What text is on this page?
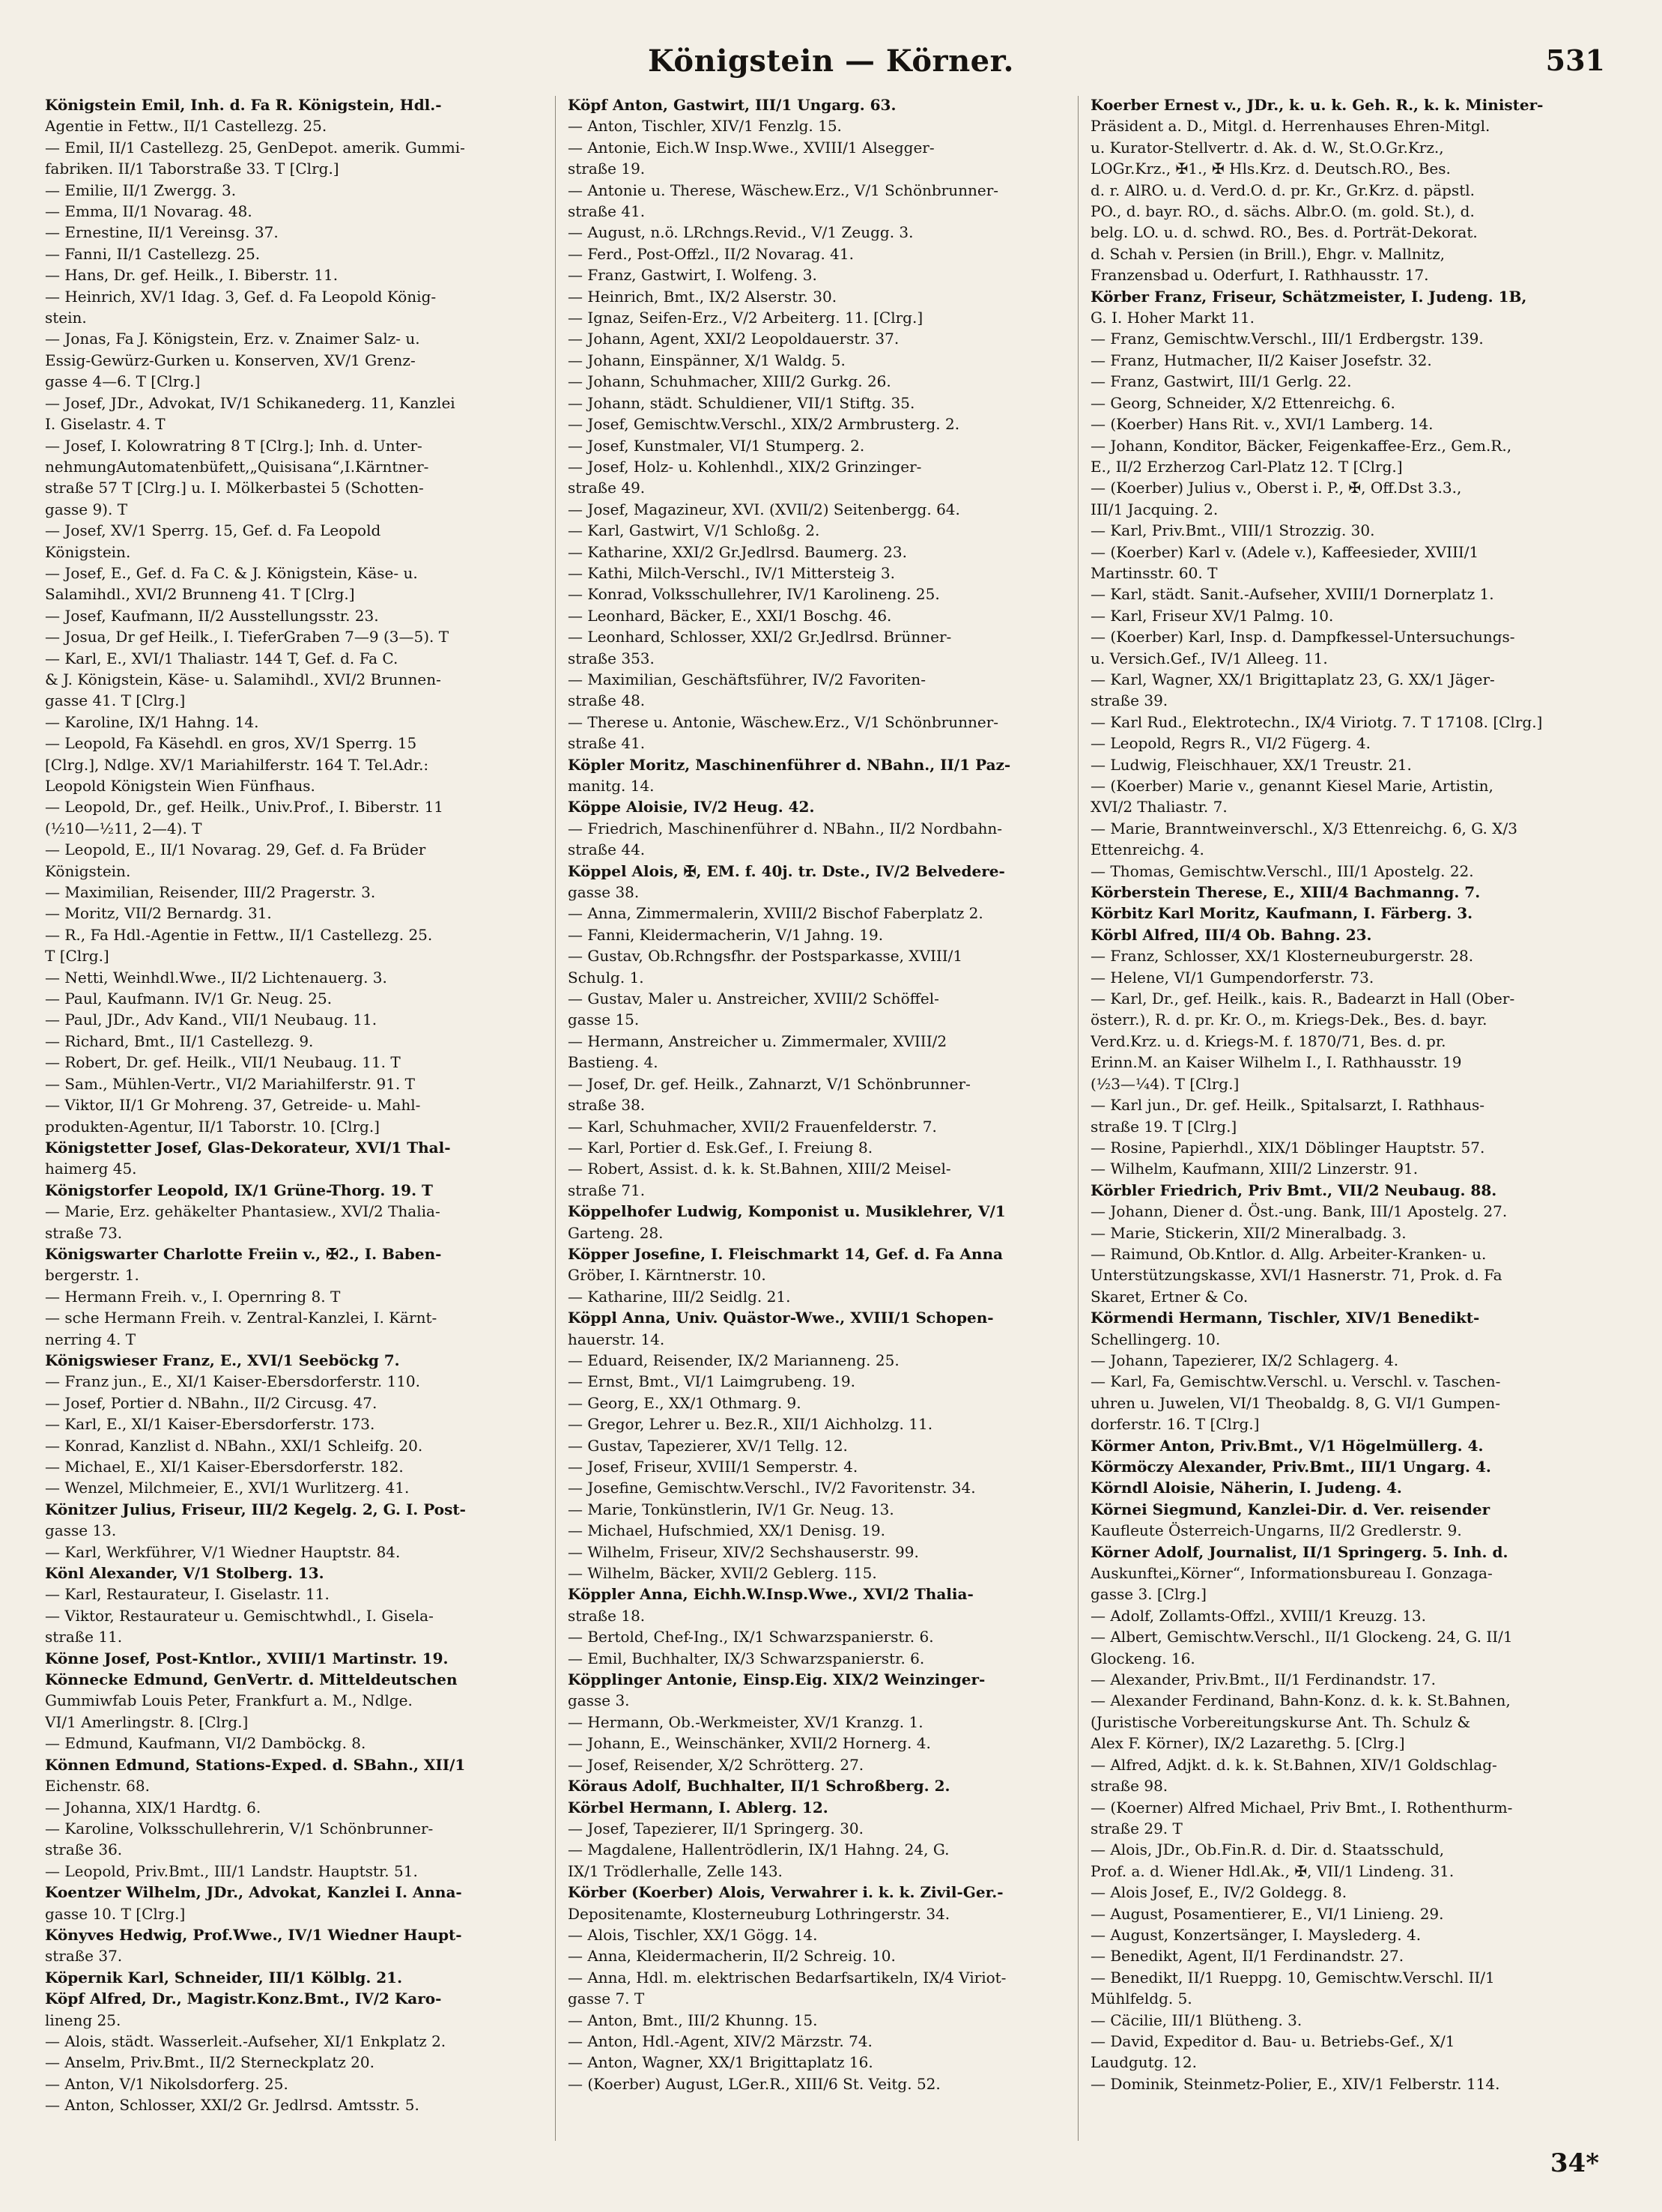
Königstein — Körner.	531
Königstein Emil, Inh. d. Fa R. Königstein, Hdl.-
Agentie in Fettw., II/1 Castellezg. 25.
— Emil, II/1 Castellezg. 25, GenDepot. amerik. Gummi-
fabriken. II/1 Taborstraße 33. T [Clrg.]
— Emilie, II/1 Zwergg. 3.
— Emma, II/1 Novarag. 48.
— Ernestine, II/1 Vereinsg. 37.
— Fanni, II/1 Castellezg. 25.
— Hans, Dr. gef. Heilk., I. Biberstr. 11.
— Heinrich, XV/1 Idag. 3, Gef. d. Fa Leopold König-
stein.
— Jonas, Fa J. Königstein, Erz. v. Znaimer Salz- u.
Essig-Gewürz-Gurken u. Konserven, XV/1 Grenz-
gasse 4—6. T [Clrg.]
— Josef, JDr., Advokat, IV/1 Schikanederg. 11, Kanzlei
I. Giselastr. 4. T
— Josef, I. Kolowratring 8 T [Clrg.]; Inh. d. Unter-
nehmungAutomatenbüfett,„Quisisana“,I.Kärntner-
straße 57 T [Clrg.] u. I. Mölkerbastei 5 (Schotten-
gasse 9). T
— Josef, XV/1 Sperrg. 15, Gef. d. Fa Leopold
Königstein.
— Josef, E., Gef. d. Fa C. & J. Königstein, Käse- u.
Salamihdl., XVI/2 Brunneng 41. T [Clrg.]
— Josef, Kaufmann, II/2 Ausstellungsstr. 23.
— Josua, Dr gef Heilk., I. TieferGraben 7—9 (3—5). T
— Karl, E., XVI/1 Thaliastr. 144 T, Gef. d. Fa C.
& J. Königstein, Käse- u. Salamihdl., XVI/2 Brunnen-
gasse 41. T [Clrg.]
— Karoline, IX/1 Hahng. 14.
— Leopold, Fa Käsehdl. en gros, XV/1 Sperrg. 15
[Clrg.], Ndlge. XV/1 Mariahilferstr. 164 T. Tel.Adr.:
Leopold Königstein Wien Fünfhaus.
— Leopold, Dr., gef. Heilk., Univ.Prof., I. Biberstr. 11
(½10—½11, 2—4). T
— Leopold, E., II/1 Novarag. 29, Gef. d. Fa Brüder
Königstein.
— Maximilian, Reisender, III/2 Pragerstr. 3.
— Moritz, VII/2 Bernardg. 31.
— R., Fa Hdl.-Agentie in Fettw., II/1 Castellezg. 25.
T [Clrg.]
— Netti, Weinhdl.Wwe., II/2 Lichtenauerg. 3.
— Paul, Kaufmann. IV/1 Gr. Neug. 25.
— Paul, JDr., Adv Kand., VII/1 Neubaug. 11.
— Richard, Bmt., II/1 Castellezg. 9.
— Robert, Dr. gef. Heilk., VII/1 Neubaug. 11. T
— Sam., Mühlen-Vertr., VI/2 Mariahilferstr. 91. T
— Viktor, II/1 Gr Mohreng. 37, Getreide- u. Mahl-
produkten-Agentur, II/1 Taborstr. 10. [Clrg.]
Königstetter Josef, Glas-Dekorateur, XVI/1 Thal-
haimerg 45.
Königstorfer Leopold, IX/1 Grüne-Thorg. 19. T
— Marie, Erz. gehäkelter Phantasiew., XVI/2 Thalia-
straße 73.
Königswarter Charlotte Freiin v., ✠2., I. Baben-
bergerstr. 1.
— Hermann Freih. v., I. Opernring 8. T
— sche Hermann Freih. v. Zentral-Kanzlei, I. Kärnt-
nerring 4. T
Königswieser Franz, E., XVI/1 Seeböckg 7.
— Franz jun., E., XI/1 Kaiser-Ebersdorferstr. 110.
— Josef, Portier d. NBahn., II/2 Circusg. 47.
— Karl, E., XI/1 Kaiser-Ebersdorferstr. 173.
— Konrad, Kanzlist d. NBahn., XXI/1 Schleifg. 20.
— Michael, E., XI/1 Kaiser-Ebersdorferstr. 182.
— Wenzel, Milchmeier, E., XVI/1 Wurlitzerg. 41.
Könitzer Julius, Friseur, III/2 Kegelg. 2, G. I. Post-
gasse 13.
— Karl, Werkführer, V/1 Wiedner Hauptstr. 84.
Könl Alexander, V/1 Stolberg. 13.
— Karl, Restaurateur, I. Giselastr. 11.
— Viktor, Restaurateur u. Gemischtwhdl., I. Gisela-
straße 11.
Könne Josef, Post-Kntlor., XVIII/1 Martinstr. 19.
Könnecke Edmund, GenVertr. d. Mitteldeutschen
Gummiwfab Louis Peter, Frankfurt a. M., Ndlge.
VI/1 Amerlingstr. 8. [Clrg.]
— Edmund, Kaufmann, VI/2 Damböckg. 8.
Können Edmund, Stations-Exped. d. SBahn., XII/1
Eichenstr. 68.
— Johanna, XIX/1 Hardtg. 6.
— Karoline, Volksschullehrerin, V/1 Schönbrunner-
straße 36.
— Leopold, Priv.Bmt., III/1 Landstr. Hauptstr. 51.
Koentzer Wilhelm, JDr., Advokat, Kanzlei I. Anna-
gasse 10. T [Clrg.]
Könyves Hedwig, Prof.Wwe., IV/1 Wiedner Haupt-
straße 37.
Köpernik Karl, Schneider, III/1 Kölblg. 21.
Köpf Alfred, Dr., Magistr.Konz.Bmt., IV/2 Karo-
lineng 25.
— Alois, städt. Wasserleit.-Aufseher, XI/1 Enkplatz 2.
— Anselm, Priv.Bmt., II/2 Sterneckplatz 20.
— Anton, V/1 Nikolsdorferg. 25.
— Anton, Schlosser, XXI/2 Gr. Jedlrsd. Amtsstr. 5.
Köpf Anton, Gastwirt, III/1 Ungarg. 63.
— Anton, Tischler, XIV/1 Fenzlg. 15.
— Antonie, Eich.W Insp.Wwe., XVIII/1 Alsegger-
straße 19.
— Antonie u. Therese, Wäschew.Erz., V/1 Schönbrunner-
straße 41.
— August, n.ö. LRchngs.Revid., V/1 Zeugg. 3.
— Ferd., Post-Offzl., II/2 Novarag. 41.
— Franz, Gastwirt, I. Wolfeng. 3.
— Heinrich, Bmt., IX/2 Alserstr. 30.
— Ignaz, Seifen-Erz., V/2 Arbeiterg. 11. [Clrg.]
— Johann, Agent, XXI/2 Leopoldauerstr. 37.
— Johann, Einspänner, X/1 Waldg. 5.
— Johann, Schuhmacher, XIII/2 Gurkg. 26.
— Johann, städt. Schuldiener, VII/1 Stiftg. 35.
— Josef, Gemischtw.Verschl., XIX/2 Armbrusterg. 2.
— Josef, Kunstmaler, VI/1 Stumperg. 2.
— Josef, Holz- u. Kohlenhdl., XIX/2 Grinzinger-
straße 49.
— Josef, Magazineur, XVI. (XVII/2) Seitenbergg. 64.
— Karl, Gastwirt, V/1 Schloßg. 2.
— Katharine, XXI/2 Gr.Jedlrsd. Baumerg. 23.
— Kathi, Milch-Verschl., IV/1 Mittersteig 3.
— Konrad, Volksschullehrer, IV/1 Karolineng. 25.
— Leonhard, Bäcker, E., XXI/1 Boschg. 46.
— Leonhard, Schlosser, XXI/2 Gr.Jedlrsd. Brünner-
straße 353.
— Maximilian, Geschäftsführer, IV/2 Favoriten-
straße 48.
— Therese u. Antonie, Wäschew.Erz., V/1 Schönbrunner-
straße 41.
Köpler Moritz, Maschinenführer d. NBahn., II/1 Paz-
manitg. 14.
Köppe Aloisie, IV/2 Heug. 42.
— Friedrich, Maschinenführer d. NBahn., II/2 Nordbahn-
straße 44.
Köppel Alois, ✠, EM. f. 40j. tr. Dste., IV/2 Belvedere-
gasse 38.
— Anna, Zimmermalerin, XVIII/2 Bischof Faberplatz 2.
— Fanni, Kleidermacherin, V/1 Jahng. 19.
— Gustav, Ob.Rchngsfhr. der Postsparkasse, XVIII/1
Schulg. 1.
— Gustav, Maler u. Anstreicher, XVIII/2 Schöffel-
gasse 15.
— Hermann, Anstreicher u. Zimmermaler, XVIII/2
Bastieng. 4.
— Josef, Dr. gef. Heilk., Zahnarzt, V/1 Schönbrunner-
straße 38.
— Karl, Schuhmacher, XVII/2 Frauenfelderstr. 7.
— Karl, Portier d. Esk.Gef., I. Freiung 8.
— Robert, Assist. d. k. k. St.Bahnen, XIII/2 Meisel-
straße 71.
Köppelhofer Ludwig, Komponist u. Musiklehrer, V/1
Garteng. 28.
Köpper Josefine, I. Fleischmarkt 14, Gef. d. Fa Anna
Gröber, I. Kärntnerstr. 10.
— Katharine, III/2 Seidlg. 21.
Köppl Anna, Univ. Quästor-Wwe., XVIII/1 Schopen-
hauerstr. 14.
— Eduard, Reisender, IX/2 Marianneng. 25.
— Ernst, Bmt., VI/1 Laimgrubeng. 19.
— Georg, E., XX/1 Othmarg. 9.
— Gregor, Lehrer u. Bez.R., XII/1 Aichholzg. 11.
— Gustav, Tapezierer, XV/1 Tellg. 12.
— Josef, Friseur, XVIII/1 Semperstr. 4.
— Josefine, Gemischtw.Verschl., IV/2 Favoritenstr. 34.
— Marie, Tonkünstlerin, IV/1 Gr. Neug. 13.
— Michael, Hufschmied, XX/1 Denisg. 19.
— Wilhelm, Friseur, XIV/2 Sechshauserstr. 99.
— Wilhelm, Bäcker, XVII/2 Geblerg. 115.
Köppler Anna, Eichh.W.Insp.Wwe., XVI/2 Thalia-
straße 18.
— Bertold, Chef-Ing., IX/1 Schwarzspanierstr. 6.
— Emil, Buchhalter, IX/3 Schwarzspanierstr. 6.
Köpplinger Antonie, Einsp.Eig. XIX/2 Weinzinger-
gasse 3.
— Hermann, Ob.-Werkmeister, XV/1 Kranzg. 1.
— Johann, E., Weinschänker, XVII/2 Hornerg. 4.
— Josef, Reisender, X/2 Schrötterg. 27.
Köraus Adolf, Buchhalter, II/1 Schroßberg. 2.
Körbel Hermann, I. Ablerg. 12.
— Josef, Tapezierer, II/1 Springerg. 30.
— Magdalene, Hallentrödlerin, IX/1 Hahng. 24, G.
IX/1 Trödlerhalle, Zelle 143.
Körber (Koerber) Alois, Verwahrer i. k. k. Zivil-Ger.-
Depositenamte, Klosterneuburg Lothringerstr. 34.
— Alois, Tischler, XX/1 Gögg. 14.
— Anna, Kleidermacherin, II/2 Schreig. 10.
— Anna, Hdl. m. elektrischen Bedarfsartikeln, IX/4 Viriot-
gasse 7. T
— Anton, Bmt., III/2 Khunng. 15.
— Anton, Hdl.-Agent, XIV/2 Märzstr. 74.
— Anton, Wagner, XX/1 Brigittaplatz 16.
— (Koerber) August, LGer.R., XIII/6 St. Veitg. 52.
Koerber Ernest v., JDr., k. u. k. Geh. R., k. k. Minister-
Präsident a. D., Mitgl. d. Herrenhauses Ehren-Mitgl.
u. Kurator-Stellvertr. d. Ak. d. W., St.O.Gr.Krz.,
LOGr.Krz., ✠1., ✠ Hls.Krz. d. Deutsch.RO., Bes.
d. r. AlRO. u. d. Verd.O. d. pr. Kr., Gr.Krz. d. päpstl.
PO., d. bayr. RO., d. sächs. Albr.O. (m. gold. St.), d.
belg. LO. u. d. schwd. RO., Bes. d. Porträt-Dekorat.
d. Schah v. Persien (in Brill.), Ehgr. v. Mallnitz,
Franzensbad u. Oderfurt, I. Rathhausstr. 17.
Körber Franz, Friseur, Schätzmeister, I. Judeng. 1B,
G. I. Hoher Markt 11.
— Franz, Gemischtw.Verschl., III/1 Erdbergstr. 139.
— Franz, Hutmacher, II/2 Kaiser Josefstr. 32.
— Franz, Gastwirt, III/1 Gerlg. 22.
— Georg, Schneider, X/2 Ettenreichg. 6.
— (Koerber) Hans Rit. v., XVI/1 Lamberg. 14.
— Johann, Konditor, Bäcker, Feigenkaffee-Erz., Gem.R.,
E., II/2 Erzherzog Carl-Platz 12. T [Clrg.]
— (Koerber) Julius v., Oberst i. P., ✠, Off.Dst 3.3.,
III/1 Jacquing. 2.
— Karl, Priv.Bmt., VIII/1 Strozzig. 30.
— (Koerber) Karl v. (Adele v.), Kaffeesieder, XVIII/1
Martinsstr. 60. T
— Karl, städt. Sanit.-Aufseher, XVIII/1 Dornerplatz 1.
— Karl, Friseur XV/1 Palmg. 10.
— (Koerber) Karl, Insp. d. Dampfkessel-Untersuchungs-
u. Versich.Gef., IV/1 Alleeg. 11.
— Karl, Wagner, XX/1 Brigittaplatz 23, G. XX/1 Jäger-
straße 39.
— Karl Rud., Elektrotechn., IX/4 Viriotg. 7. T 17108. [Clrg.]
— Leopold, Regrs R., VI/2 Fügerg. 4.
— Ludwig, Fleischhauer, XX/1 Treustr. 21.
— (Koerber) Marie v., genannt Kiesel Marie, Artistin,
XVI/2 Thaliastr. 7.
— Marie, Branntweinverschl., X/3 Ettenreichg. 6, G. X/3
Ettenreichg. 4.
— Thomas, Gemischtw.Verschl., III/1 Apostelg. 22.
Körberstein Therese, E., XIII/4 Bachmanng. 7.
Körbitz Karl Moritz, Kaufmann, I. Färberg. 3.
Körbl Alfred, III/4 Ob. Bahng. 23.
— Franz, Schlosser, XX/1 Klosterneuburgerstr. 28.
— Helene, VI/1 Gumpendorferstr. 73.
— Karl, Dr., gef. Heilk., kais. R., Badearzt in Hall (Ober-
österr.), R. d. pr. Kr. O., m. Kriegs-Dek., Bes. d. bayr.
Verd.Krz. u. d. Kriegs-M. f. 1870/71, Bes. d. pr.
Erinn.M. an Kaiser Wilhelm I., I. Rathhausstr. 19
(½3—¼4). T [Clrg.]
— Karl jun., Dr. gef. Heilk., Spitalsarzt, I. Rathhaus-
straße 19. T [Clrg.]
— Rosine, Papierhdl., XIX/1 Döblinger Hauptstr. 57.
— Wilhelm, Kaufmann, XIII/2 Linzerstr. 91.
Körbler Friedrich, Priv Bmt., VII/2 Neubaug. 88.
— Johann, Diener d. Öst.-ung. Bank, III/1 Apostelg. 27.
— Marie, Stickerin, XII/2 Mineralbadg. 3.
— Raimund, Ob.Kntlor. d. Allg. Arbeiter-Kranken- u.
Unterstützungskasse, XVI/1 Hasnerstr. 71, Prok. d. Fa
Skaret, Ertner & Co.
Körmendi Hermann, Tischler, XIV/1 Benedikt-
Schellingerg. 10.
— Johann, Tapezierer, IX/2 Schlagerg. 4.
— Karl, Fa, Gemischtw.Verschl. u. Verschl. v. Taschen-
uhren u. Juwelen, VI/1 Theobaldg. 8, G. VI/1 Gumpen-
dorferstr. 16. T [Clrg.]
Körmer Anton, Priv.Bmt., V/1 Högelmüllerg. 4.
Körmöczy Alexander, Priv.Bmt., III/1 Ungarg. 4.
Körndl Aloisie, Näherin, I. Judeng. 4.
Körnei Siegmund, Kanzlei-Dir. d. Ver. reisender
Kaufleute Österreich-Ungarns, II/2 Gredlerstr. 9.
Körner Adolf, Journalist, II/1 Springerg. 5. Inh. d.
Auskunftei„Körner“, Informationsbureau I. Gonzaga-
gasse 3. [Clrg.]
— Adolf, Zollamts-Offzl., XVIII/1 Kreuzg. 13.
— Albert, Gemischtw.Verschl., II/1 Glockeng. 24, G. II/1
Glockeng. 16.
— Alexander, Priv.Bmt., II/1 Ferdinandstr. 17.
— Alexander Ferdinand, Bahn-Konz. d. k. k. St.Bahnen,
(Juristische Vorbereitungskurse Ant. Th. Schulz &
Alex F. Körner), IX/2 Lazarethg. 5. [Clrg.]
— Alfred, Adjkt. d. k. k. St.Bahnen, XIV/1 Goldschlag-
straße 98.
— (Koerner) Alfred Michael, Priv Bmt., I. Rothenthurm-
straße 29. T
— Alois, JDr., Ob.Fin.R. d. Dir. d. Staatsschuld,
Prof. a. d. Wiener Hdl.Ak., ✠, VII/1 Lindeng. 31.
— Alois Josef, E., IV/2 Goldegg. 8.
— August, Posamentierer, E., VI/1 Linieng. 29.
— August, Konzertsänger, I. Mayslederg. 4.
— Benedikt, Agent, II/1 Ferdinandstr. 27.
— Benedikt, II/1 Rueppg. 10, Gemischtw.Verschl. II/1
Mühlfeldg. 5.
— Cäcilie, III/1 Blütheng. 3.
— David, Expeditor d. Bau- u. Betriebs-Gef., X/1
Laudgutg. 12.
— Dominik, Steinmetz-Polier, E., XIV/1 Felberstr. 114.
34*
